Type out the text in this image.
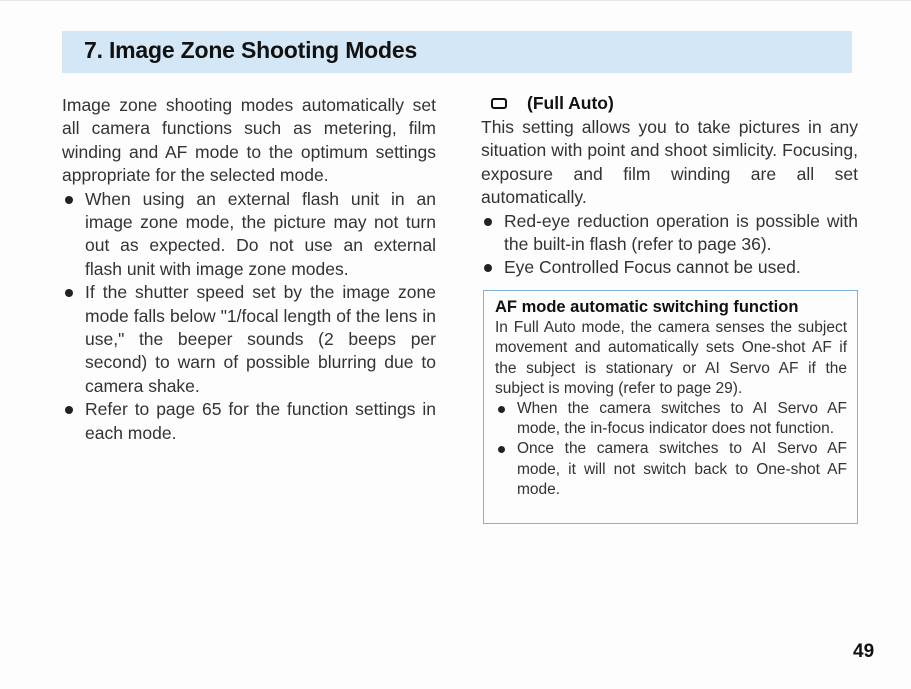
7. Image Zone Shooting Modes

Image zone shooting modes automatically set all camera functions such as metering, film winding and AF mode to the optimum settings appropriate for the selected mode.

When using an external flash unit in an image zone mode, the picture may not turn out as expected. Do not use an external flash unit with image zone modes.
If the shutter speed set by the image zone mode falls below "1/focal length of the lens in use," the beeper sounds (2 beeps per second) to warn of possible blurring due to camera shake.
Refer to page 65 for the function settings in each mode.
(Full Auto)

This setting allows you to take pictures in any situation with point and shoot simlicity. Focusing, exposure and film winding are all set automatically.

Red-eye reduction operation is possible with the built-in flash (refer to page 36).
Eye Controlled Focus cannot be used.

AF mode automatic switching function

In Full Auto mode, the camera senses the subject movement and automatically sets One-shot AF if the subject is stationary or AI Servo AF if the subject is moving (refer to page 29).

When the camera switches to AI Servo AF mode, the in-focus indicator does not function.
Once the camera switches to AI Servo AF mode, it will not switch back to One-shot AF mode.
49
